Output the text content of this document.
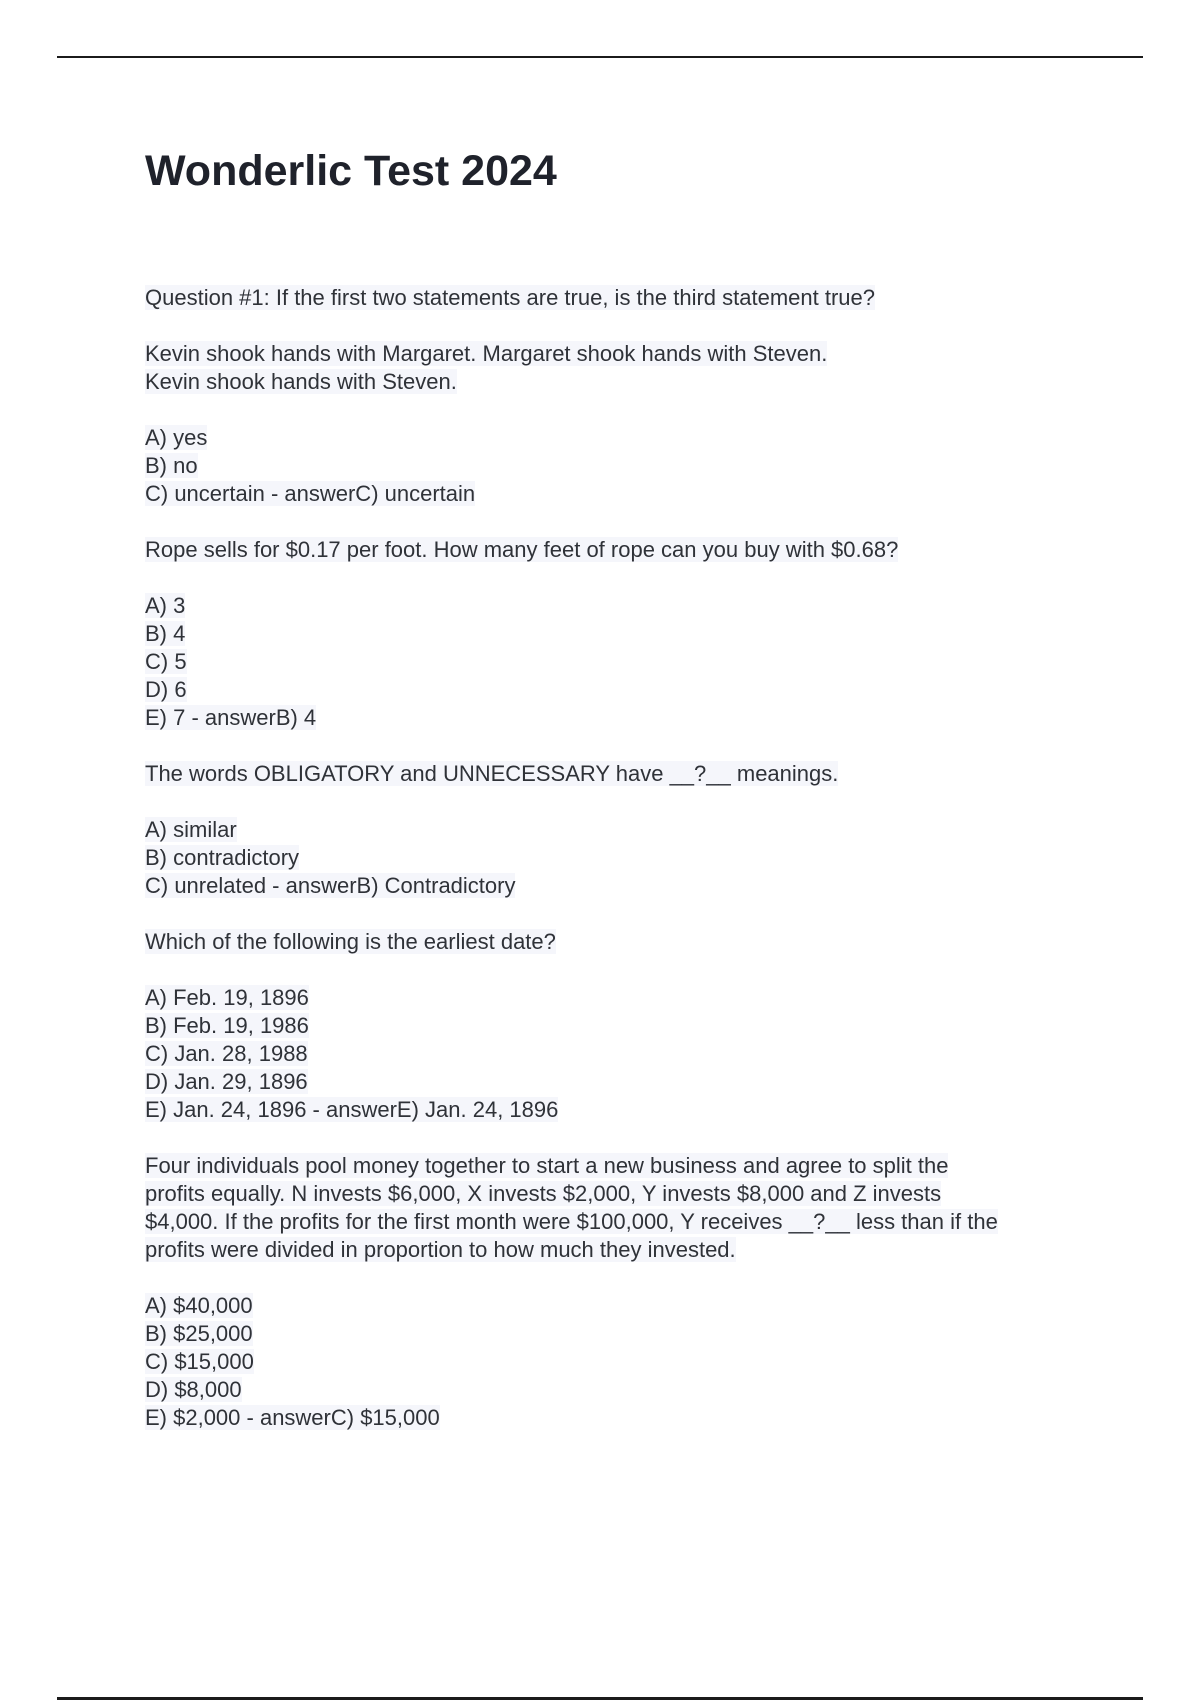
Wonderlic Test 2024
Question #1: If the first two statements are true, is the third statement true?
Kevin shook hands with Margaret. Margaret shook hands with Steven.
Kevin shook hands with Steven.
A) yes
B) no
C) uncertain - answerC) uncertain
Rope sells for $0.17 per foot. How many feet of rope can you buy with $0.68?
A) 3
B) 4
C) 5
D) 6
E) 7 - answerB) 4
The words OBLIGATORY and UNNECESSARY have __?__ meanings.
A) similar
B) contradictory
C) unrelated - answerB) Contradictory
Which of the following is the earliest date?
A) Feb. 19, 1896
B) Feb. 19, 1986
C) Jan. 28, 1988
D) Jan. 29, 1896
E) Jan. 24, 1896 - answerE) Jan. 24, 1896
Four individuals pool money together to start a new business and agree to split the
profits equally. N invests $6,000, X invests $2,000, Y invests $8,000 and Z invests
$4,000. If the profits for the first month were $100,000, Y receives __?__ less than if the
profits were divided in proportion to how much they invested.
A) $40,000
B) $25,000
C) $15,000
D) $8,000
E) $2,000 - answerC) $15,000
